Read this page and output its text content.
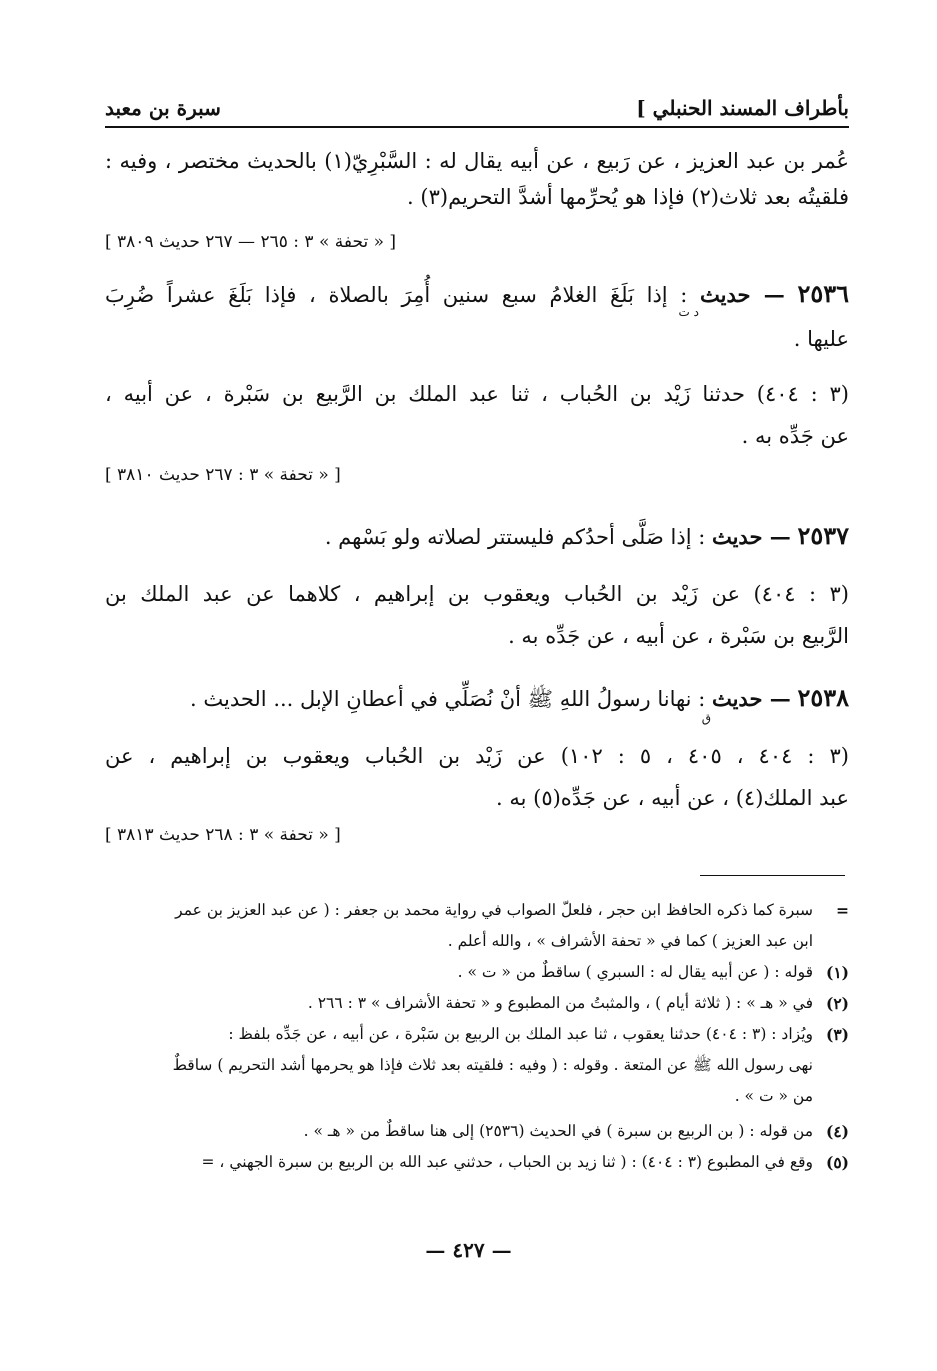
بأطراف المسند الحنبلي ]
سبرة بن معبد
عُمر بن عبد العزيز ، عن رَبيع ، عن أبيه يقال له : السَّبْرِيّ(١) بالحديث مختصر ، وفيه :
فلقيتُه بعد ثلاث(٢) فإذا هو يُحرِّمها أشدَّ التحريم(٣) .
[ « تحفة » ٣ : ٢٦٥ — ٢٦٧ حديث ٣٨٠٩ ]
٢٥٣٦ — حديث : إذا بَلَغَ الغلامُ سبع سنين أُمِرَ بالصلاة ، فإذا بَلَغَ عشراً ضُرِبَ
د ت
عليها .
(٣ : ٤٠٤) حدثنا زَيْد بن الحُباب ، ثنا عبد الملك بن الرَّبيع بن سَبْرة ، عن أبيه ،
عن جَدِّه به .
[ « تحفة » ٣ : ٢٦٧ حديث ٣٨١٠ ]
٢٥٣٧ — حديث : إذا صَلَّى أحدُكم فليستتر لصلاته ولو بَسْهم .
(٣ : ٤٠٤) عن زَيْد بن الحُباب ويعقوب بن إبراهيم ، كلاهما عن عبد الملك بن
الرَّبيع بن سَبْرة ، عن أبيه ، عن جَدِّه به .
٢٥٣٨ — حديث : نهانا رسولُ اللهِ ﷺ أنْ نُصَلِّي في أعطانِ الإبل ... الحديث .
ق
(٣ : ٤٠٤ ، ٤٠٥ ، ٥ : ١٠٢) عن زَيْد بن الحُباب ويعقوب بن إبراهيم ، عن
عبد الملك(٤) ، عن أبيه ، عن جَدِّه(٥) به .
[ « تحفة » ٣ : ٢٦٨ حديث ٣٨١٣ ]
=
سبرة كما ذكره الحافظ ابن حجر ، فلعلّ الصواب في رواية محمد بن جعفر : ( عن عبد العزيز بن عمر
ابن عبد العزيز ) كما في « تحفة الأشراف » ، والله أعلم .
(١)
قوله : ( عن أبيه يقال له : السبري ) ساقطٌ من « ت » .
(٢)
في « هـ » : ( ثلاثة أيام ) ، والمثبتُ من المطبوع و « تحفة الأشراف » ٣ : ٢٦٦ .
(٣)
ويُزاد : (٣ : ٤٠٤) حدثنا يعقوب ، ثنا عبد الملك بن الربيع بن سَبْرة ، عن أبيه ، عن جَدِّه بلفظ :
نهى رسول الله ﷺ عن المتعة . وقوله : ( وفيه : فلقيته بعد ثلاث فإذا هو يحرمها أشد التحريم ) ساقطٌ
من « ت » .
(٤)
من قوله : ( بن الربيع بن سبرة ) في الحديث (٢٥٣٦) إلى هنا ساقطٌ من « هـ » .
(٥)
وقع في المطبوع (٣ : ٤٠٤) : ( ثنا زيد بن الحباب ، حدثني عبد الله بن الربيع بن سبرة الجهني ، =
— ٤٢٧ —
